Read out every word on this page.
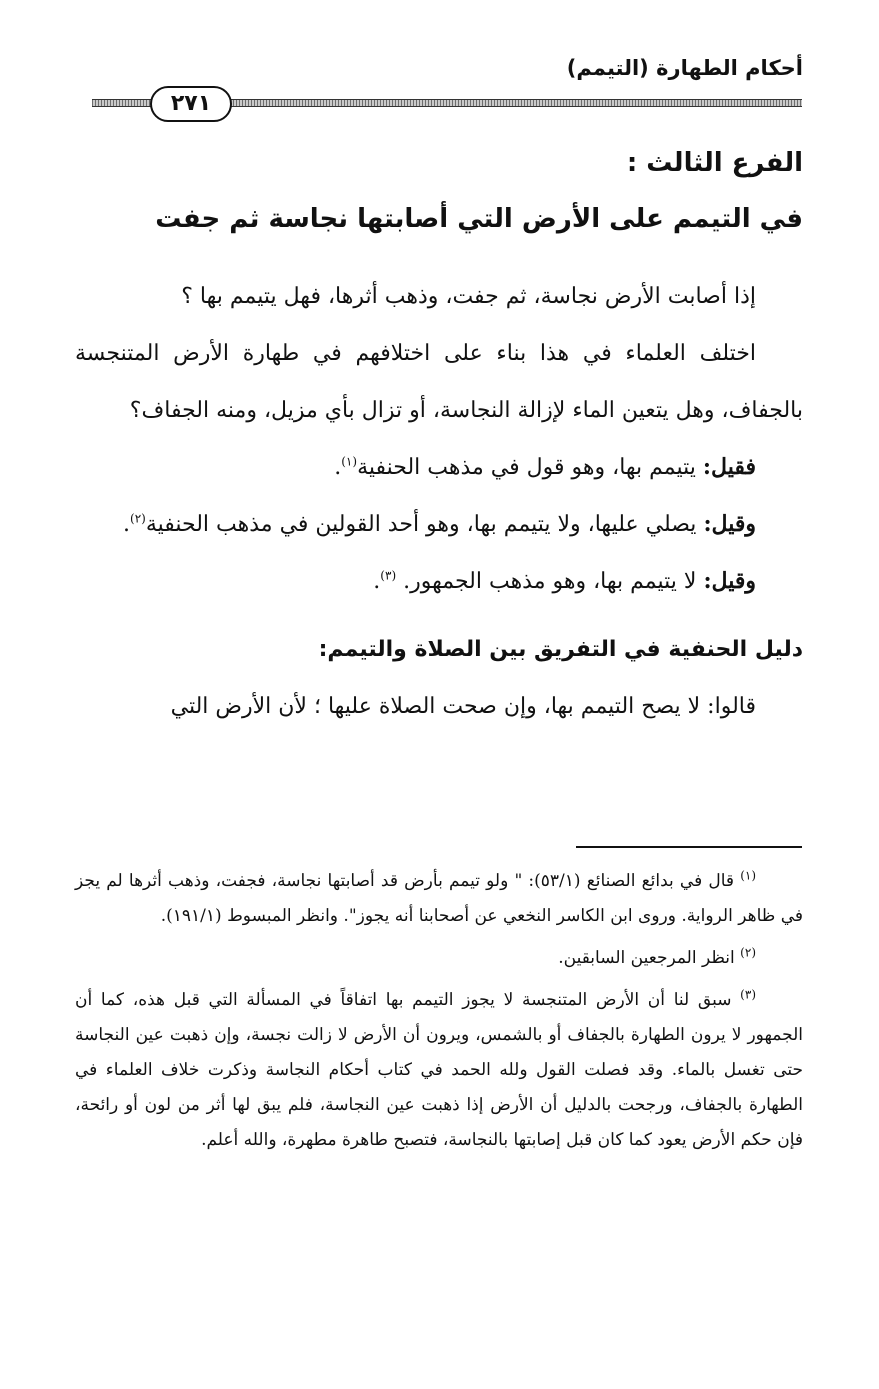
أحكام الطهارة (التيمم)
٢٧١
الفرع الثالث :
في التيمم على الأرض التي أصابتها نجاسة ثم جفت

إذا أصابت الأرض نجاسة، ثم جفت، وذهب أثرها، فهل يتيمم بها ؟

اختلف العلماء في هذا بناء على اختلافهم في طهارة الأرض المتنجسة بالجفاف، وهل يتعين الماء لإزالة النجاسة، أو تزال بأي مزيل، ومنه الجفاف؟

فقيل: يتيمم بها، وهو قول في مذهب الحنفية$^{(١)}$.

وقيل: يصلي عليها، ولا يتيمم بها، وهو أحد القولين في مذهب الحنفية$^{(٢)}$.

وقيل: لا يتيمم بها، وهو مذهب الجمهور. $^{(٣)}$.

دليل الحنفية في التفريق بين الصلاة والتيمم:

قالوا: لا يصح التيمم بها، وإن صحت الصلاة عليها ؛ لأن الأرض التي

$^{(١)}$ قال في بدائع الصنائع (٥٣/١): " ولو تيمم بأرض قد أصابتها نجاسة، فجفت، وذهب أثرها لم يجز في ظاهر الرواية. وروى ابن الكاسر النخعي عن أصحابنا أنه يجوز". وانظر المبسوط (١٩١/١).

$^{(٢)}$ انظر المرجعين السابقين.

$^{(٣)}$ سبق لنا أن الأرض المتنجسة لا يجوز التيمم بها اتفاقاً في المسألة التي قبل هذه، كما أن الجمهور لا يرون الطهارة بالجفاف أو بالشمس، ويرون أن الأرض لا زالت نجسة، وإن ذهبت عين النجاسة حتى تغسل بالماء. وقد فصلت القول ولله الحمد في كتاب أحكام النجاسة وذكرت خلاف العلماء في الطهارة بالجفاف، ورجحت بالدليل أن الأرض إذا ذهبت عين النجاسة، فلم يبق لها أثر من لون أو رائحة، فإن حكم الأرض يعود كما كان قبل إصابتها بالنجاسة، فتصبح طاهرة مطهرة، والله أعلم.
